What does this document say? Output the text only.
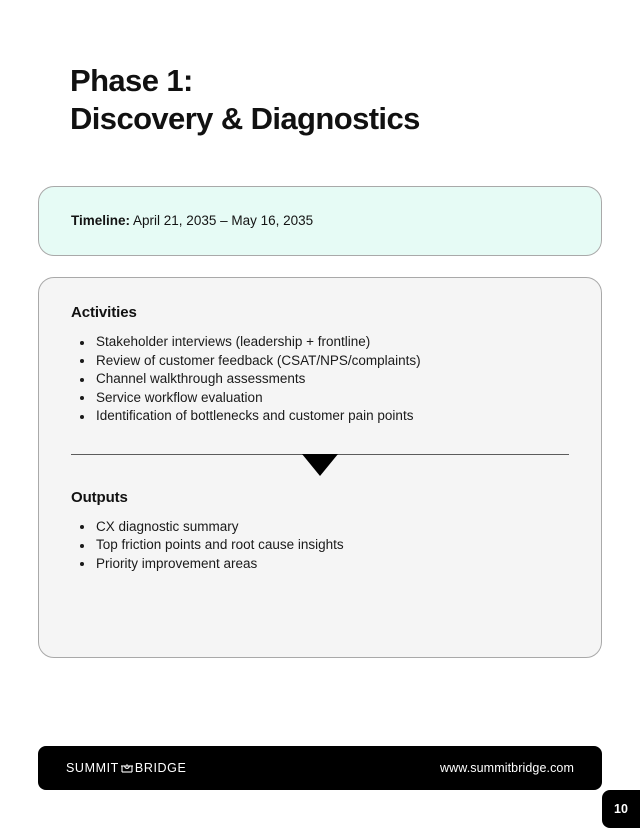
Phase 1:
Discovery & Diagnostics
Timeline: April 21, 2035 – May 16, 2035
Activities
Stakeholder interviews (leadership + frontline)
Review of customer feedback (CSAT/NPS/complaints)
Channel walkthrough assessments
Service workflow evaluation
Identification of bottlenecks and customer pain points
Outputs
CX diagnostic summary
Top friction points and root cause insights
Priority improvement areas
SUMMIT BRIDGE	www.summitbridge.com
10
